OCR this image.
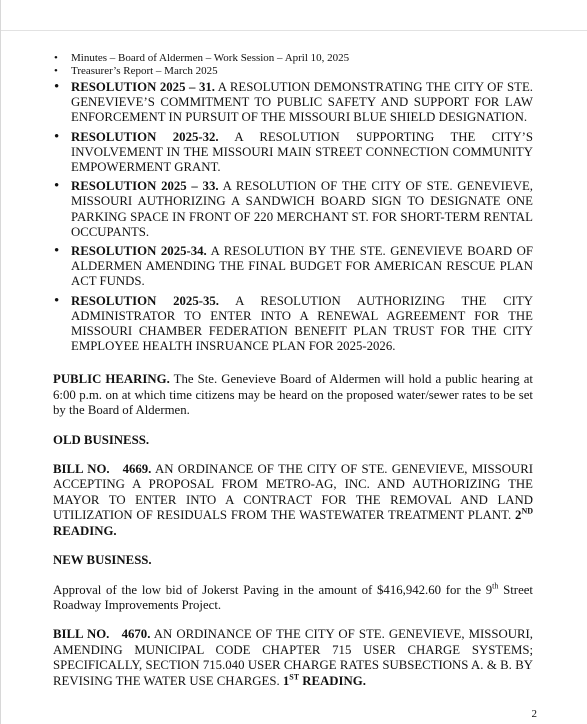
• Minutes – Board of Aldermen – Work Session – April 10, 2025
• Treasurer’s Report – March 2025
• RESOLUTION 2025 – 31. A RESOLUTION DEMONSTRATING THE CITY OF STE. GENEVIEVE’S COMMITMENT TO PUBLIC SAFETY AND SUPPORT FOR LAW ENFORCEMENT IN PURSUIT OF THE MISSOURI BLUE SHIELD DESIGNATION.
• RESOLUTION 2025-32. A RESOLUTION SUPPORTING THE CITY’S INVOLVEMENT IN THE MISSOURI MAIN STREET CONNECTION COMMUNITY EMPOWERMENT GRANT.
• RESOLUTION 2025 – 33. A RESOLUTION OF THE CITY OF STE. GENEVIEVE, MISSOURI AUTHORIZING A SANDWICH BOARD SIGN TO DESIGNATE ONE PARKING SPACE IN FRONT OF 220 MERCHANT ST. FOR SHORT-TERM RENTAL OCCUPANTS.
• RESOLUTION 2025-34. A RESOLUTION BY THE STE. GENEVIEVE BOARD OF ALDERMEN AMENDING THE FINAL BUDGET FOR AMERICAN RESCUE PLAN ACT FUNDS.
• RESOLUTION 2025-35. A RESOLUTION AUTHORIZING THE CITY ADMINISTRATOR TO ENTER INTO A RENEWAL AGREEMENT FOR THE MISSOURI CHAMBER FEDERATION BENEFIT PLAN TRUST FOR THE CITY EMPLOYEE HEALTH INSRUANCE PLAN FOR 2025-2026.

PUBLIC HEARING. The Ste. Genevieve Board of Aldermen will hold a public hearing at 6:00 p.m. on at which time citizens may be heard on the proposed water/sewer rates to be set by the Board of Aldermen.

OLD BUSINESS.

BILL NO.   4669. AN ORDINANCE OF THE CITY OF STE. GENEVIEVE, MISSOURI ACCEPTING A PROPOSAL FROM METRO-AG, INC. AND AUTHORIZING THE MAYOR TO ENTER INTO A CONTRACT FOR THE REMOVAL AND LAND UTILIZATION OF RESIDUALS FROM THE WASTEWATER TREATMENT PLANT. 2ND READING.

NEW BUSINESS.

Approval of the low bid of Jokerst Paving in the amount of $416,942.60 for the 9th Street Roadway Improvements Project.

BILL NO.   4670. AN ORDINANCE OF THE CITY OF STE. GENEVIEVE, MISSOURI, AMENDING MUNICIPAL CODE CHAPTER 715 USER CHARGE SYSTEMS; SPECIFICALLY, SECTION 715.040 USER CHARGE RATES SUBSECTIONS A. & B. BY REVISING THE WATER USE CHARGES. 1ST READING.

2
